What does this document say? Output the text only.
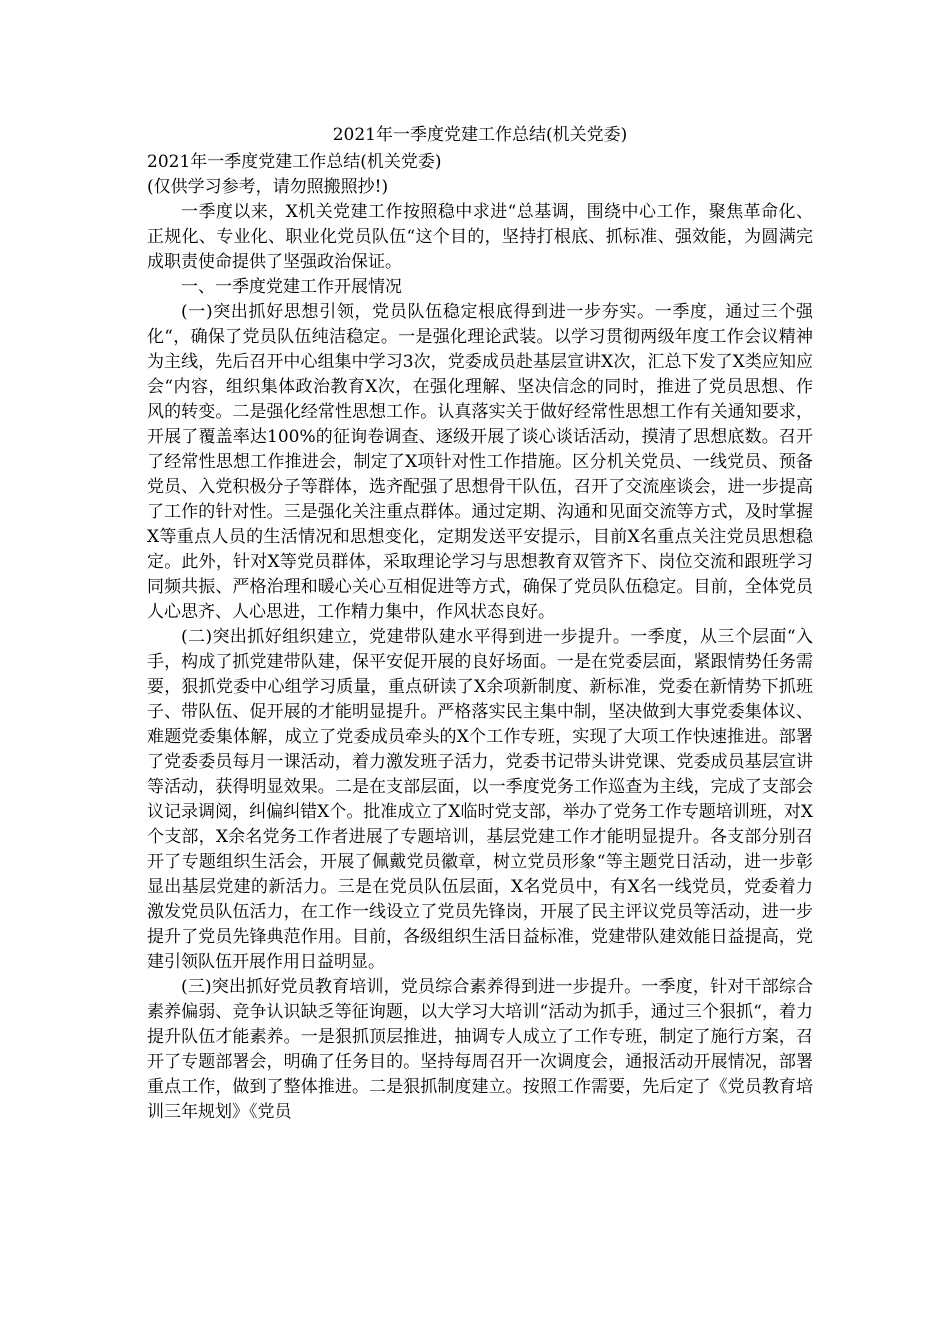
2021年一季度党建工作总结(机关党委)

2021年一季度党建工作总结(机关党委)

(仅供学习参考，请勿照搬照抄!)

一季度以来，X机关党建工作按照稳中求进“总基调，围绕中心工作，聚焦革命化、正规化、专业化、职业化党员队伍“这个目的，坚持打根底、抓标准、强效能，为圆满完成职责使命提供了坚强政治保证。

一、一季度党建工作开展情况

(一)突出抓好思想引领，党员队伍稳定根底得到进一步夯实。一季度，通过三个强化“，确保了党员队伍纯洁稳定。一是强化理论武装。以学习贯彻两级年度工作会议精神为主线，先后召开中心组集中学习3次，党委成员赴基层宣讲X次，汇总下发了X类应知应会“内容，组织集体政治教育X次，在强化理解、坚决信念的同时，推进了党员思想、作风的转变。二是强化经常性思想工作。认真落实关于做好经常性思想工作有关通知要求，开展了覆盖率达100%的征询卷调查、逐级开展了谈心谈话活动，摸清了思想底数。召开了经常性思想工作推进会，制定了X项针对性工作措施。区分机关党员、一线党员、预备党员、入党积极分子等群体，选齐配强了思想骨干队伍，召开了交流座谈会，进一步提高了工作的针对性。三是强化关注重点群体。通过定期、沟通和见面交流等方式，及时掌握X等重点人员的生活情况和思想变化，定期发送平安提示，目前X名重点关注党员思想稳定。此外，针对X等党员群体，采取理论学习与思想教育双管齐下、岗位交流和跟班学习同频共振、严格治理和暖心关心互相促进等方式，确保了党员队伍稳定。目前，全体党员人心思齐、人心思进，工作精力集中，作风状态良好。

(二)突出抓好组织建立，党建带队建水平得到进一步提升。一季度，从三个层面“入手，构成了抓党建带队建，保平安促开展的良好场面。一是在党委层面，紧跟情势任务需要，狠抓党委中心组学习质量，重点研读了X余项新制度、新标准，党委在新情势下抓班子、带队伍、促开展的才能明显提升。严格落实民主集中制，坚决做到大事党委集体议、难题党委集体解，成立了党委成员牵头的X个工作专班，实现了大项工作快速推进。部署了党委委员每月一课活动，着力激发班子活力，党委书记带头讲党课、党委成员基层宣讲等活动，获得明显效果。二是在支部层面，以一季度党务工作巡查为主线，完成了支部会议记录调阅，纠偏纠错X个。批准成立了X临时党支部，举办了党务工作专题培训班，对X个支部，X余名党务工作者进展了专题培训，基层党建工作才能明显提升。各支部分别召开了专题组织生活会，开展了佩戴党员徽章，树立党员形象“等主题党日活动，进一步彰显出基层党建的新活力。三是在党员队伍层面，X名党员中，有X名一线党员，党委着力激发党员队伍活力，在工作一线设立了党员先锋岗，开展了民主评议党员等活动，进一步提升了党员先锋典范作用。目前，各级组织生活日益标准，党建带队建效能日益提高，党建引领队伍开展作用日益明显。

(三)突出抓好党员教育培训，党员综合素养得到进一步提升。一季度，针对干部综合素养偏弱、竞争认识缺乏等征询题，以大学习大培训“活动为抓手，通过三个狠抓“，着力提升队伍才能素养。一是狠抓顶层推进，抽调专人成立了工作专班，制定了施行方案，召开了专题部署会，明确了任务目的。坚持每周召开一次调度会，通报活动开展情况，部署重点工作，做到了整体推进。二是狠抓制度建立。按照工作需要，先后定了《党员教育培训三年规划》《党员
